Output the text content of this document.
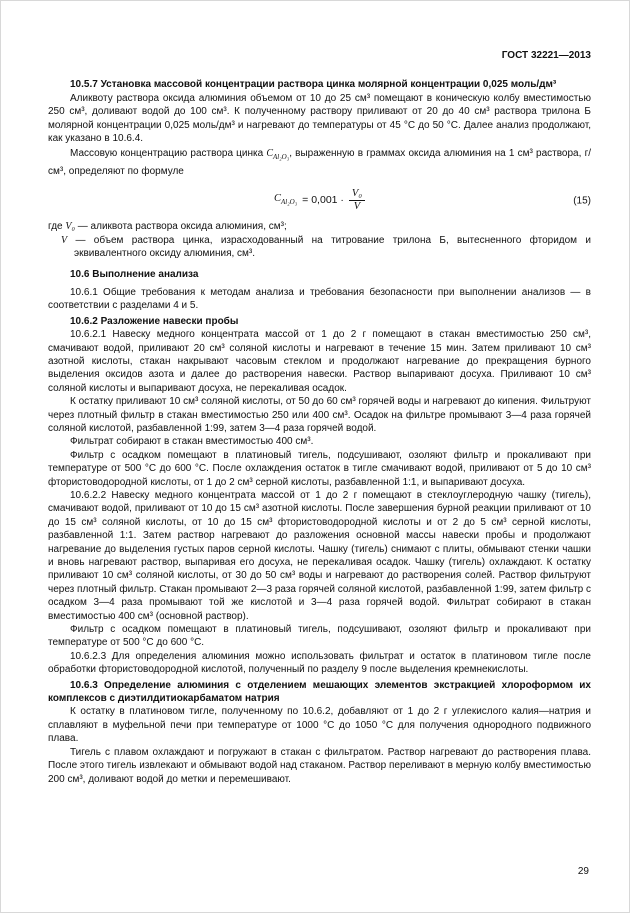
ГОСТ 32221—2013

10.5.7 Установка массовой концентрации раствора цинка молярной концентрации 0,025 моль/дм³

Аликвоту раствора оксида алюминия объемом от 10 до 25 см³ помещают в коническую колбу вместимостью 250 см³, доливают водой до 100 см³. К полученному раствору приливают от 20 до 40 см³ раствора трилона Б молярной концентрации 0,025 моль/дм³ и нагревают до температуры от 45 °С до 50 °С. Далее анализ продолжают, как указано в 10.6.4.

Массовую концентрацию раствора цинка $C_{Al_2O_3}$, выраженную в граммах оксида алюминия на 1 см³ раствора, г/см³, определяют по формуле

$C_{Al_2O_3} = 0,001 \cdot \frac{\text{V₀}}{V}$	(15)

где V₀ — аликвота раствора оксида алюминия, см³;

V — объем раствора цинка, израсходованный на титрование трилона Б, вытесненного фторидом и эквивалентного оксиду алюминия, см³.

10.6 Выполнение анализа

10.6.1 Общие требования к методам анализа и требования безопасности при выполнении анализов — в соответствии с разделами 4 и 5.

10.6.2 Разложение навески пробы

10.6.2.1 Навеску медного концентрата массой от 1 до 2 г помещают в стакан вместимостью 250 см³, смачивают водой, приливают 20 см³ соляной кислоты и нагревают в течение 15 мин. Затем приливают 10 см³ азотной кислоты, стакан накрывают часовым стеклом и продолжают нагревание до прекращения бурного выделения оксидов азота и далее до растворения навески. Раствор выпаривают досуха. Приливают 10 см³ соляной кислоты и выпаривают досуха, не перекаливая осадок.

К остатку приливают 10 см³ соляной кислоты, от 50 до 60 см³ горячей воды и нагревают до кипения. Фильтруют через плотный фильтр в стакан вместимостью 250 или 400 см³. Осадок на фильтре промывают 3—4 раза горячей соляной кислотой, разбавленной 1:99, затем 3—4 раза горячей водой.

Фильтрат собирают в стакан вместимостью 400 см³.

Фильтр с осадком помещают в платиновый тигель, подсушивают, озоляют фильтр и прокаливают при температуре от 500 °С до 600 °С. После охлаждения остаток в тигле смачивают водой, приливают от 5 до 10 см³ фтористоводородной кислоты, от 1 до 2 см³ серной кислоты, разбавленной 1:1, и выпаривают досуха.

10.6.2.2 Навеску медного концентрата массой от 1 до 2 г помещают в стеклоуглеродную чашку (тигель), смачивают водой, приливают от 10 до 15 см³ азотной кислоты. После завершения бурной реакции приливают от 10 до 15 см³ соляной кислоты, от 10 до 15 см³ фтористоводородной кислоты и от 2 до 5 см³ серной кислоты, разбавленной 1:1. Затем раствор нагревают до разложения основной массы навески пробы и продолжают нагревание до выделения густых паров серной кислоты. Чашку (тигель) снимают с плиты, обмывают стенки чашки и вновь нагревают раствор, выпаривая его досуха, не перекаливая осадок. Чашку (тигель) охлаждают. К остатку приливают 10 см³ соляной кислоты, от 30 до 50 см³ воды и нагревают до растворения солей. Раствор фильтруют через плотный фильтр. Стакан промывают 2—3 раза горячей соляной кислотой, разбавленной 1:99, затем фильтр с осадком 3—4 раза промывают той же кислотой и 3—4 раза горячей водой. Фильтрат собирают в стакан вместимостью 400 см³ (основной раствор).

Фильтр с осадком помещают в платиновый тигель, подсушивают, озоляют фильтр и прокаливают при температуре от 500 °С до 600 °С.

10.6.2.3 Для определения алюминия можно использовать фильтрат и остаток в платиновом тигле после обработки фтористоводородной кислотой, полученный по разделу 9 после выделения кремнекислоты.

10.6.3 Определение алюминия с отделением мешающих элементов экстракцией хлороформом их комплексов с диэтилдитиокарбаматом натрия

К остатку в платиновом тигле, полученному по 10.6.2, добавляют от 1 до 2 г углекислого калия—натрия и сплавляют в муфельной печи при температуре от 1000 °С до 1050 °С для получения однородного подвижного плава.

Тигель с плавом охлаждают и погружают в стакан с фильтратом. Раствор нагревают до растворения плава. После этого тигель извлекают и обмывают водой над стаканом. Раствор переливают в мерную колбу вместимостью 200 см³, доливают водой до метки и перемешивают.

29
